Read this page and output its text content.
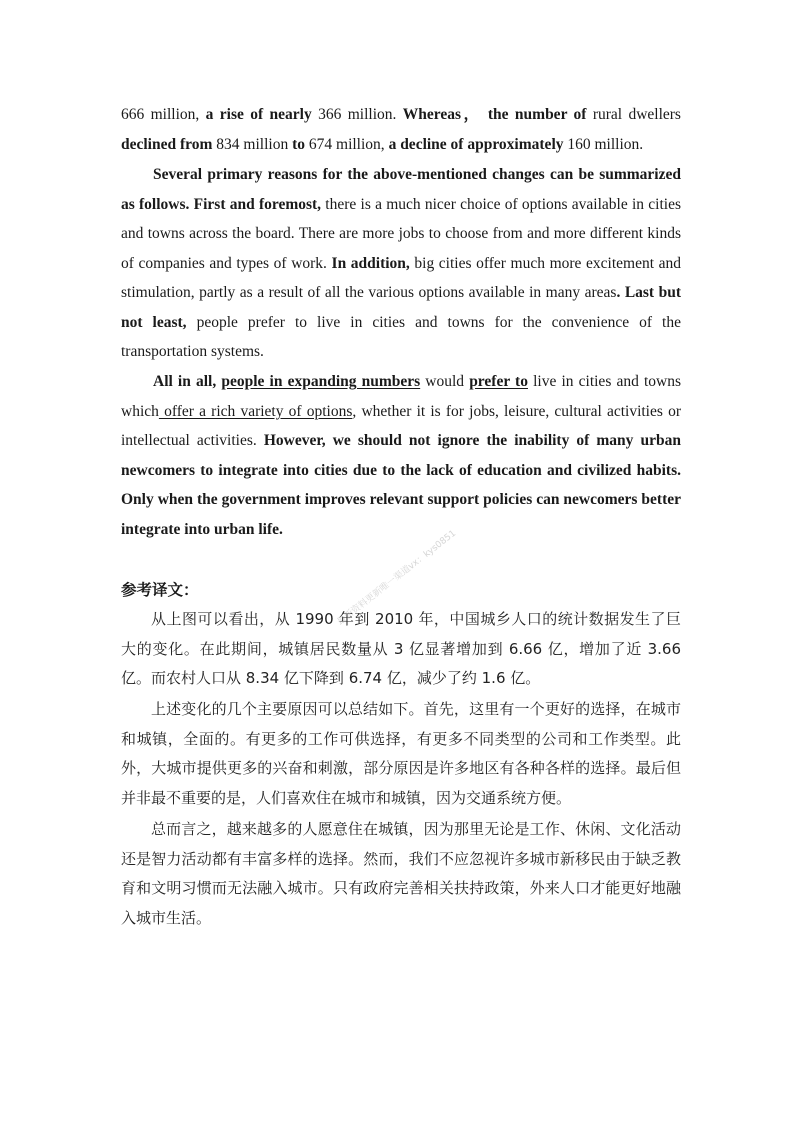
666 million, a rise of nearly 366 million. Whereas， the number of rural dwellers declined from 834 million to 674 million, a decline of approximately 160 million.

Several primary reasons for the above-mentioned changes can be summarized as follows. First and foremost, there is a much nicer choice of options available in cities and towns across the board. There are more jobs to choose from and more different kinds of companies and types of work. In addition, big cities offer much more excitement and stimulation, partly as a result of all the various options available in many areas. Last but not least, people prefer to live in cities and towns for the convenience of the transportation systems.

All in all, people in expanding numbers would prefer to live in cities and towns which offer a rich variety of options, whether it is for jobs, leisure, cultural activities or intellectual activities. However, we should not ignore the inability of many urban newcomers to integrate into cities due to the lack of education and civilized habits. Only when the government improves relevant support policies can newcomers better integrate into urban life.

参考译文：

从上图可以看出，从 1990 年到 2010 年，中国城乡人口的统计数据发生了巨大的变化。在此期间，城镇居民数量从 3 亿显著增加到 6.66 亿，增加了近 3.66 亿。而农村人口从 8.34 亿下降到 6.74 亿，减少了约 1.6 亿。

上述变化的几个主要原因可以总结如下。首先，这里有一个更好的选择，在城市和城镇，全面的。有更多的工作可供选择，有更多不同类型的公司和工作类型。此外，大城市提供更多的兴奋和刺激，部分原因是许多地区有各种各样的选择。最后但并非最不重要的是，人们喜欢住在城市和城镇，因为交通系统方便。

总而言之，越来越多的人愿意住在城镇，因为那里无论是工作、休闲、文化活动还是智力活动都有丰富多样的选择。然而，我们不应忽视许多城市新移民由于缺乏教育和文明习惯而无法融入城市。只有政府完善相关扶持政策，外来人口才能更好地融入城市生活。

最新资料更新唯一渠道vx：kys0851
